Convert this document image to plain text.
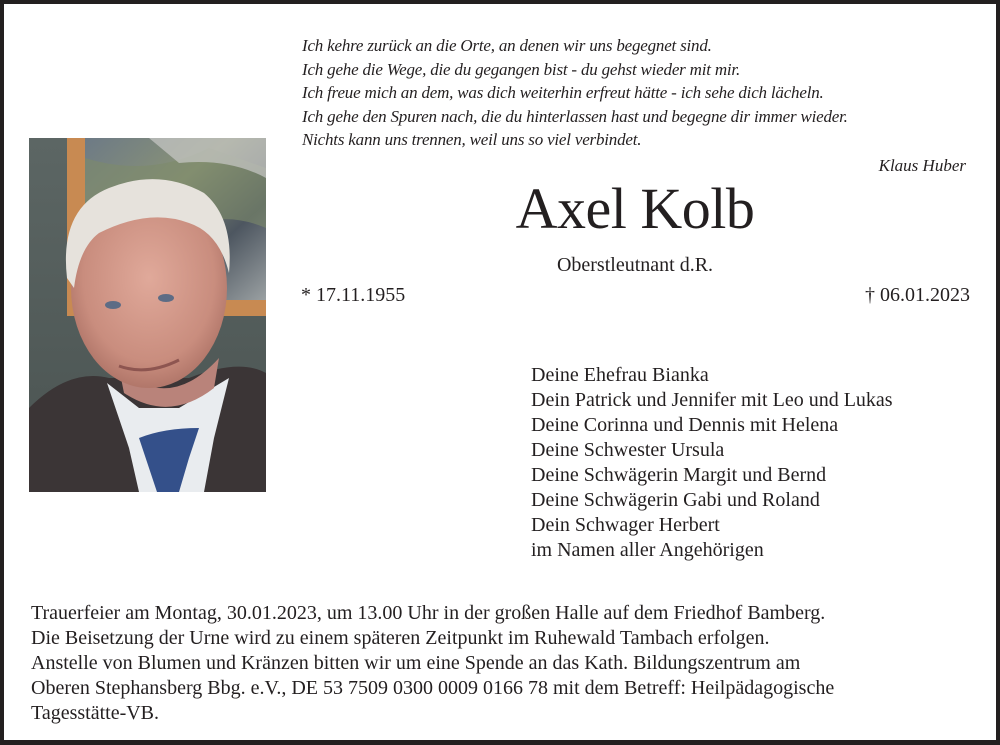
Ich kehre zurück an die Orte, an denen wir uns begegnet sind.
Ich gehe die Wege, die du gegangen bist - du gehst wieder mit mir.
Ich freue mich an dem, was dich weiterhin erfreut hätte - ich sehe dich lächeln.
Ich gehe den Spuren nach, die du hinterlassen hast und begegne dir immer wieder.
Nichts kann uns trennen, weil uns so viel verbindet.
Klaus Huber
Axel Kolb
Oberstleutnant d.R.
* 17.11.1955	† 06.01.2023
Deine Ehefrau Bianka
Dein Patrick und Jennifer mit Leo und Lukas
Deine Corinna und Dennis mit Helena
Deine Schwester Ursula
Deine Schwägerin Margit und Bernd
Deine Schwägerin Gabi und Roland
Dein Schwager Herbert
im Namen aller Angehörigen
Trauerfeier am Montag, 30.01.2023, um 13.00 Uhr in der großen Halle auf dem Friedhof Bamberg.
Die Beisetzung der Urne wird zu einem späteren Zeitpunkt im Ruhewald Tambach erfolgen.
Anstelle von Blumen und Kränzen bitten wir um eine Spende an das Kath. Bildungszentrum am
Oberen Stephansberg Bbg. e.V., DE 53 7509 0300 0009 0166 78 mit dem Betreff: Heilpädagogische
Tagesstätte-VB.
